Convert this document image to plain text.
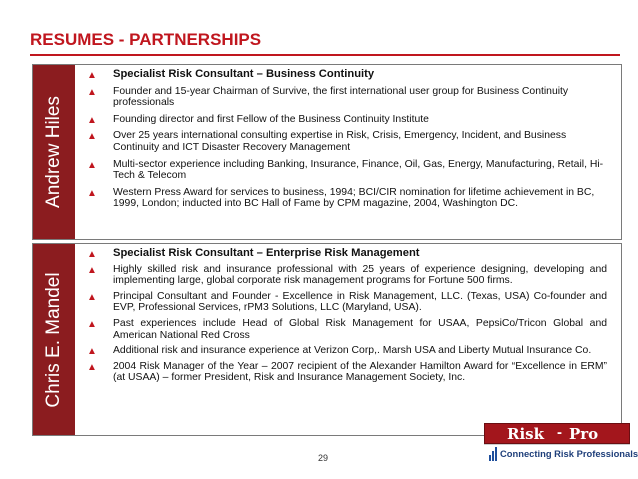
RESUMES - PARTNERSHIPS
Andrew Hiles
▲ Specialist Risk Consultant – Business Continuity
▲ Founder and 15-year Chairman of Survive, the first international user group for Business Continuity professionals
▲ Founding director and first Fellow of the Business Continuity Institute
▲ Over 25 years international consulting expertise in Risk, Crisis, Emergency, Incident, and Business Continuity and ICT Disaster Recovery Management
▲ Multi-sector experience including Banking, Insurance, Finance, Oil, Gas, Energy, Manufacturing, Retail, Hi-Tech & Telecom
▲ Western Press Award for services to business, 1994; BCI/CIR nomination for lifetime achievement in BC, 1999, London; inducted into BC Hall of Fame by CPM magazine, 2004, Washington DC.
Chris E. Mandel
▲ Specialist Risk Consultant – Enterprise Risk Management
▲ Highly skilled risk and insurance professional with 25 years of experience designing, developing and implementing large, global corporate risk management programs for Fortune 500 firms.
▲ Principal Consultant and Founder - Excellence in Risk Management, LLC. (Texas, USA) Co-founder and EVP, Professional Services, rPM3 Solutions, LLC (Maryland, USA).
▲ Past experiences include Head of Global Risk Management for USAA, PepsiCo/Tricon Global and American National Red Cross
▲ Additional risk and insurance experience at Verizon Corp,. Marsh USA and Liberty Mutual Insurance Co.
▲ 2004 Risk Manager of the Year – 2007 recipient of the Alexander Hamilton Award for “Excellence in ERM” (at USAA) – former President, Risk and Insurance Management Society, Inc.
29
Risk - Pro
Connecting Risk Professionals
